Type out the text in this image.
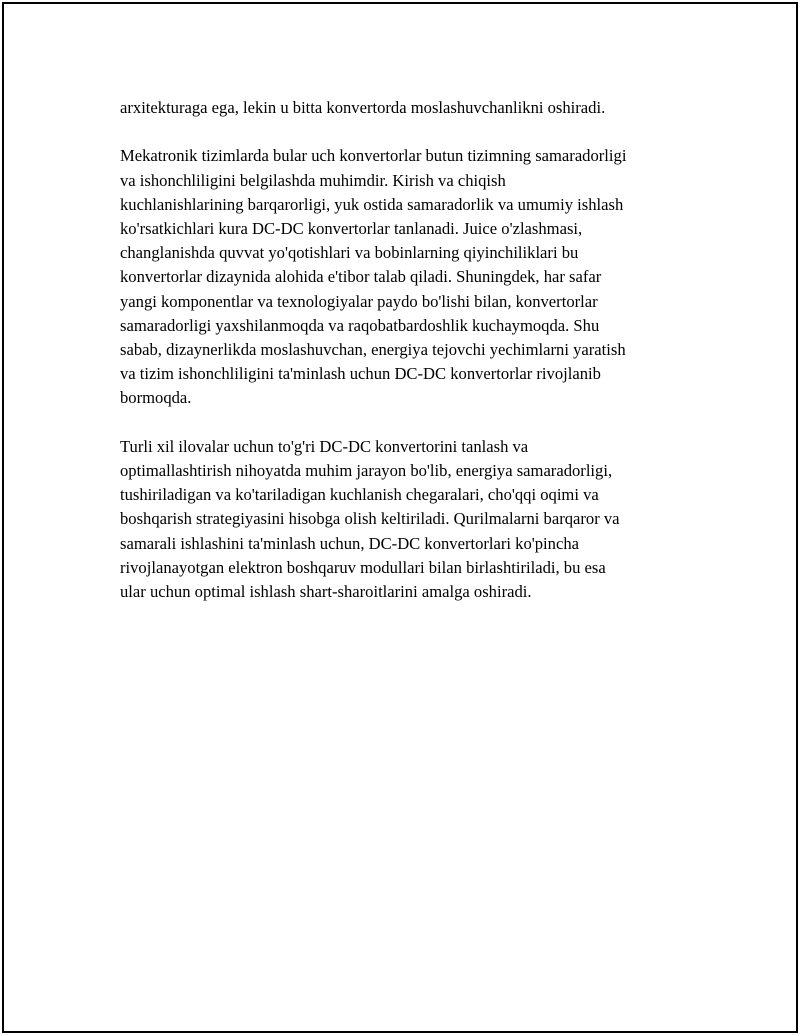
arxitekturaga ega, lekin u bitta konvertorda moslashuvchanlikni oshiradi.

Mekatronik tizimlarda bular uch konvertorlar butun tizimning samaradorligi
va ishonchliligini belgilashda muhimdir. Kirish va chiqish
kuchlanishlarining barqarorligi, yuk ostida samaradorlik va umumiy ishlash
ko'rsatkichlari kura DC-DC konvertorlar tanlanadi. Juice o'zlashmasi,
changlanishda quvvat yo'qotishlari va bobinlarning qiyinchiliklari bu
konvertorlar dizaynida alohida e'tibor talab qiladi. Shuningdek, har safar
yangi komponentlar va texnologiyalar paydo bo'lishi bilan, konvertorlar
samaradorligi yaxshilanmoqda va raqobatbardoshlik kuchaymoqda. Shu
sabab, dizaynerlikda moslashuvchan, energiya tejovchi yechimlarni yaratish
va tizim ishonchliligini ta'minlash uchun DC-DC konvertorlar rivojlanib
bormoqda.

Turli xil ilovalar uchun to'g'ri DC-DC konvertorini tanlash va
optimallashtirish nihoyatda muhim jarayon bo'lib, energiya samaradorligi,
tushiriladigan va ko'tariladigan kuchlanish chegaralari, cho'qqi oqimi va
boshqarish strategiyasini hisobga olish keltiriladi. Qurilmalarni barqaror va
samarali ishlashini ta'minlash uchun, DC-DC konvertorlari ko'pincha
rivojlanayotgan elektron boshqaruv modullari bilan birlashtiriladi, bu esa
ular uchun optimal ishlash shart-sharoitlarini amalga oshiradi.
